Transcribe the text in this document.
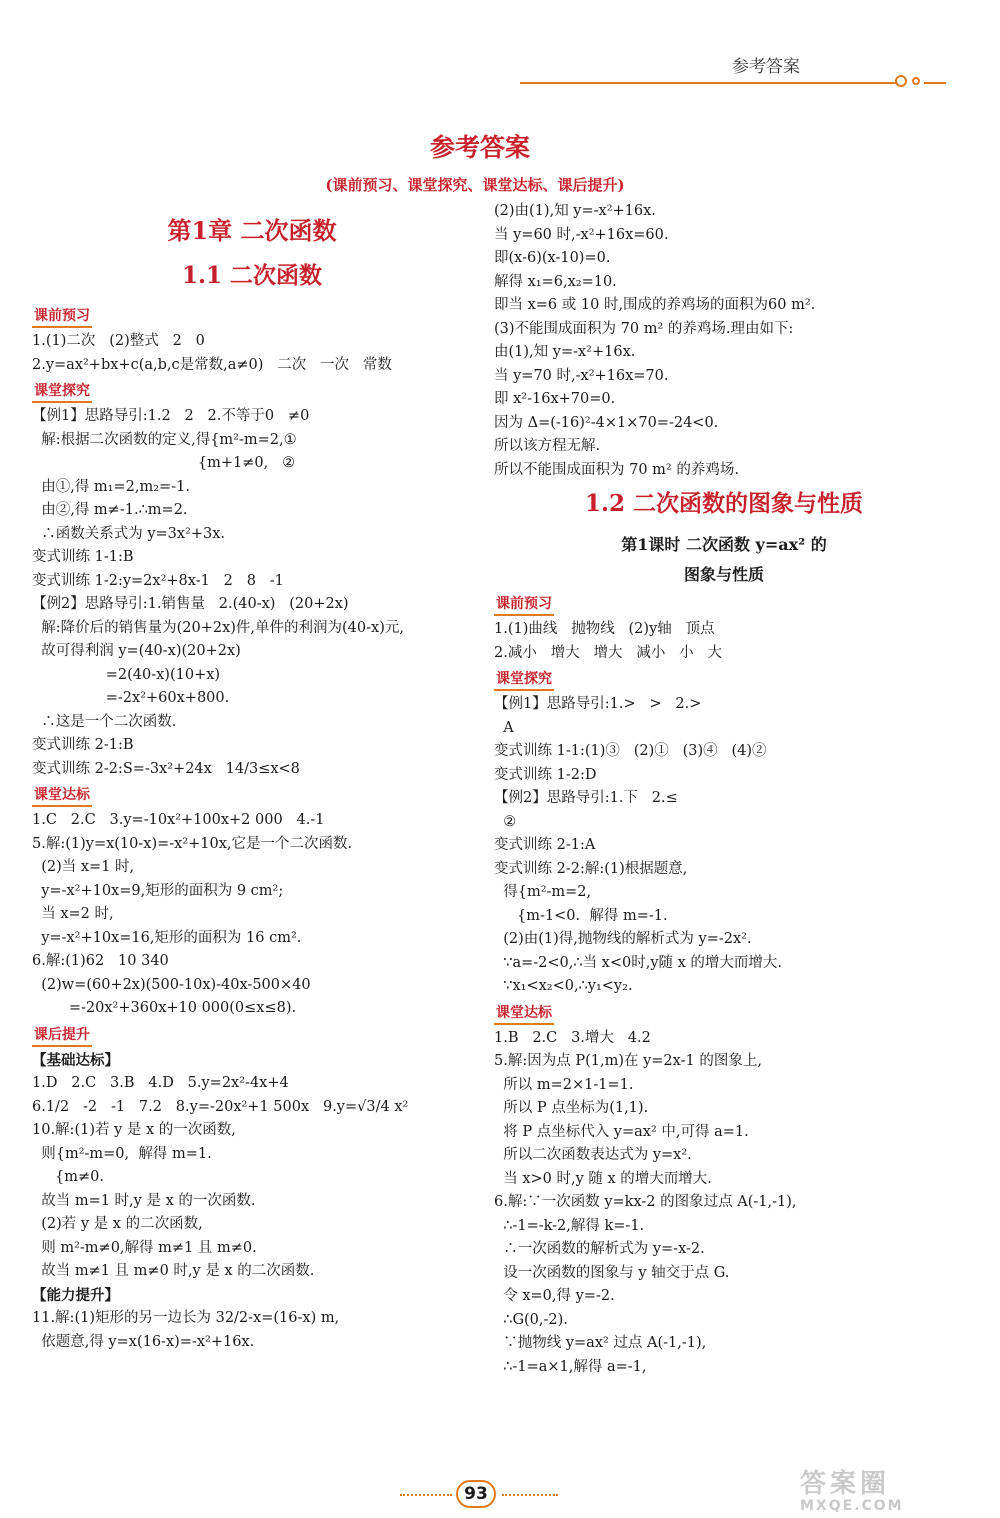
参考答案
参考答案
(课前预习、课堂探究、课堂达标、课后提升)
第1章 二次函数
1.1 二次函数
课前预习
1.(1)二次   (2)整式   2   0
2.y=ax²+bx+c(a,b,c是常数,a≠0)   二次   一次   常数
课堂探究
【例1】思路导引:1.2   2   2.不等于0   ≠0
解:根据二次函数的定义,得{m²-m=2,①
{m+1≠0,   ②
由①,得 m₁=2,m₂=-1.
由②,得 m≠-1.∴m=2.
∴函数关系式为 y=3x²+3x.
变式训练 1-1:B
变式训练 1-2:y=2x²+8x-1   2   8   -1
【例2】思路导引:1.销售量   2.(40-x)   (20+2x)
解:降价后的销售量为(20+2x)件,单件的利润为(40-x)元,
故可得利润 y=(40-x)(20+2x)
=2(40-x)(10+x)
=-2x²+60x+800.
∴这是一个二次函数.
变式训练 2-1:B
变式训练 2-2:S=-3x²+24x   14/3≤x<8
课堂达标
1.C   2.C   3.y=-10x²+100x+2 000   4.-1
5.解:(1)y=x(10-x)=-x²+10x,它是一个二次函数.
(2)当 x=1 时,
y=-x²+10x=9,矩形的面积为 9 cm²;
当 x=2 时,
y=-x²+10x=16,矩形的面积为 16 cm².
6.解:(1)62   10 340
(2)w=(60+2x)(500-10x)-40x-500×40
=-20x²+360x+10 000(0≤x≤8).
课后提升
【基础达标】
1.D   2.C   3.B   4.D   5.y=2x²-4x+4
6.1/2   -2   -1   7.2   8.y=-20x²+1 500x   9.y=√3/4 x²
10.解:(1)若 y 是 x 的一次函数,
则{m²-m=0,  解得 m=1.
{m≠0.
故当 m=1 时,y 是 x 的一次函数.
(2)若 y 是 x 的二次函数,
则 m²-m≠0,解得 m≠1 且 m≠0.
故当 m≠1 且 m≠0 时,y 是 x 的二次函数.
【能力提升】
11.解:(1)矩形的另一边长为 32/2-x=(16-x) m,
依题意,得 y=x(16-x)=-x²+16x.
(2)由(1),知 y=-x²+16x.
当 y=60 时,-x²+16x=60.
即(x-6)(x-10)=0.
解得 x₁=6,x₂=10.
即当 x=6 或 10 时,围成的养鸡场的面积为60 m².
(3)不能围成面积为 70 m² 的养鸡场.理由如下:
由(1),知 y=-x²+16x.
当 y=70 时,-x²+16x=70.
即 x²-16x+70=0.
因为 Δ=(-16)²-4×1×70=-24<0.
所以该方程无解.
所以不能围成面积为 70 m² 的养鸡场.
1.2 二次函数的图象与性质
第1课时 二次函数 y=ax² 的
图象与性质
课前预习
1.(1)曲线   抛物线   (2)y轴   顶点
2.减小   增大   增大   减小   小   大
课堂探究
【例1】思路导引:1.>   >   2.>
A
变式训练 1-1:(1)③   (2)①   (3)④   (4)②
变式训练 1-2:D
【例2】思路导引:1.下   2.≤
②
变式训练 2-1:A
变式训练 2-2:解:(1)根据题意,
得{m²-m=2,
{m-1<0.  解得 m=-1.
(2)由(1)得,抛物线的解析式为 y=-2x².
∵a=-2<0,∴当 x<0时,y随 x 的增大而增大.
∵x₁<x₂<0,∴y₁<y₂.
课堂达标
1.B   2.C   3.增大   4.2
5.解:因为点 P(1,m)在 y=2x-1 的图象上,
所以 m=2×1-1=1.
所以 P 点坐标为(1,1).
将 P 点坐标代入 y=ax² 中,可得 a=1.
所以二次函数表达式为 y=x².
当 x>0 时,y 随 x 的增大而增大.
6.解:∵一次函数 y=kx-2 的图象过点 A(-1,-1),
∴-1=-k-2,解得 k=-1.
∴一次函数的解析式为 y=-x-2.
设一次函数的图象与 y 轴交于点 G.
令 x=0,得 y=-2.
∴G(0,-2).
∵抛物线 y=ax² 过点 A(-1,-1),
∴-1=a×1,解得 a=-1,
93	答案圈
MXQE.COM
